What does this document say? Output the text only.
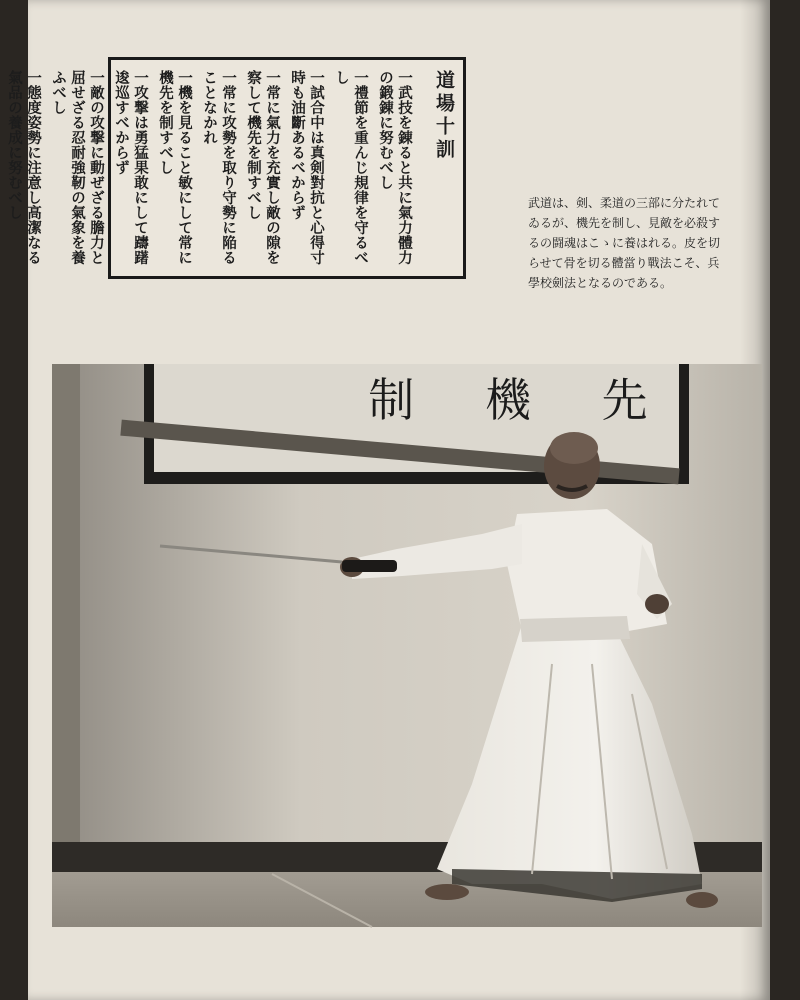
道場十訓
一武技を錬ると共に氣力體力の鍛錬に努むべし
一禮節を重んじ規律を守るべし
一試合中は真剣對抗と心得寸時も油斷あるべからず
一常に氣力を充實し敵の隙を察して機先を制すべし
一常に攻勢を取り守勢に陥ることなかれ
一機を見ること敏にして常に機先を制すべし
一攻撃は勇猛果敢にして躊躇逡巡すべからず
一敵の攻撃に動ぜざる膽力と屈せざる忍耐強靭の氣象を養ふべし
一態度姿勢に注意し高潔なる氣品の養成に努むべし	武道は、剣、柔道の三部に分たれて

ゐるが、機先を制し、見敵を必殺す

るの闘魂はこゝに養はれる。皮を切

らせて骨を切る體當り戰法こそ、兵

學校劍法となるのである。

制 機 先
